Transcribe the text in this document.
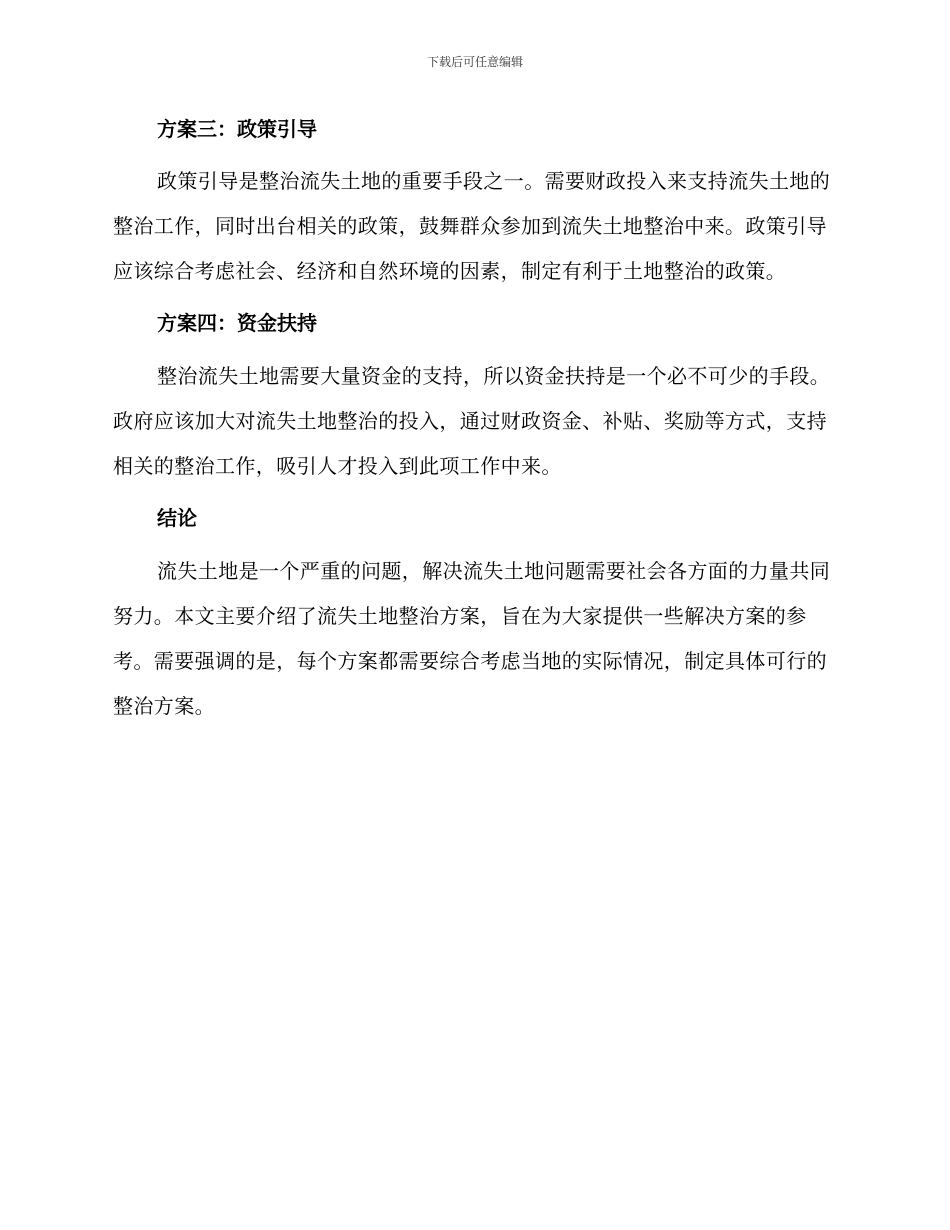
下载后可任意编辑
方案三：政策引导

政策引导是整治流失土地的重要手段之一。需要财政投入来支持流失土地的整治工作，同时出台相关的政策，鼓舞群众参加到流失土地整治中来。政策引导应该综合考虑社会、经济和自然环境的因素，制定有利于土地整治的政策。

方案四：资金扶持

整治流失土地需要大量资金的支持，所以资金扶持是一个必不可少的手段。政府应该加大对流失土地整治的投入，通过财政资金、补贴、奖励等方式，支持相关的整治工作，吸引人才投入到此项工作中来。

结论

流失土地是一个严重的问题，解决流失土地问题需要社会各方面的力量共同努力。本文主要介绍了流失土地整治方案，旨在为大家提供一些解决方案的参考。需要强调的是，每个方案都需要综合考虑当地的实际情况，制定具体可行的整治方案。
